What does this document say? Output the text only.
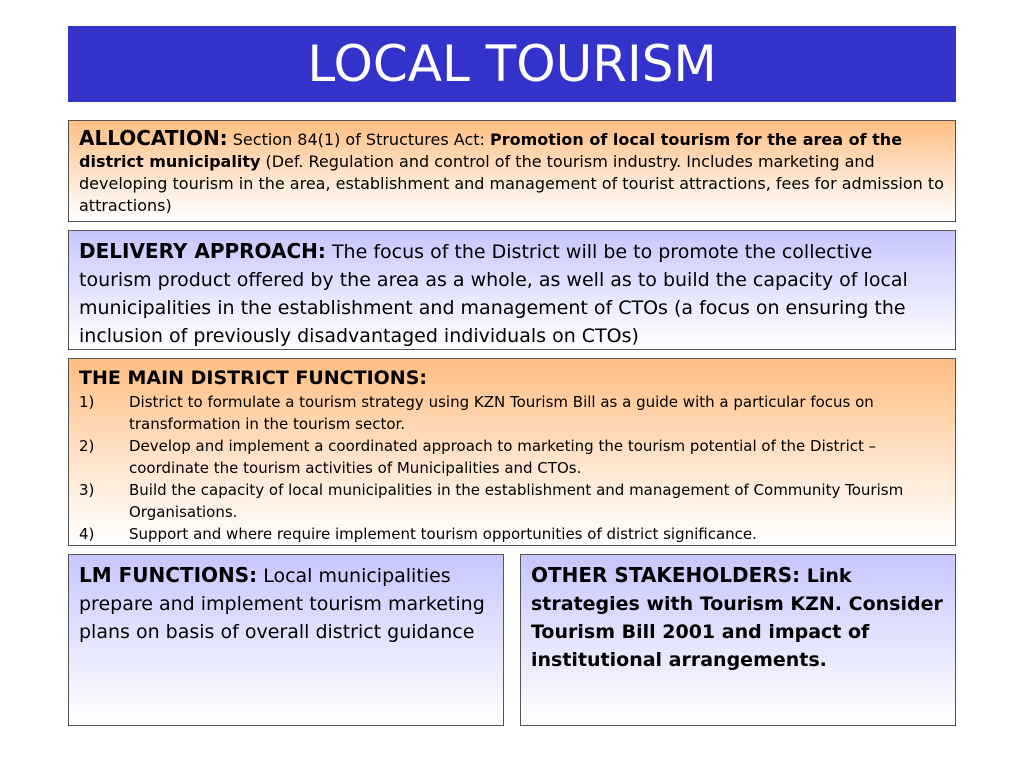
LOCAL TOURISM
ALLOCATION: Section 84(1) of Structures Act: Promotion of local tourism for the area of the district municipality (Def. Regulation and control of the tourism industry. Includes marketing and developing tourism in the area, establishment and management of tourist attractions, fees for admission to attractions)
DELIVERY APPROACH: The focus of the District will be to promote the collective tourism product offered by the area as a whole, as well as to build the capacity of local municipalities in the establishment and management of CTOs (a focus on ensuring the inclusion of previously disadvantaged individuals on CTOs)

THE MAIN DISTRICT FUNCTIONS:

1)	District to formulate a tourism strategy using KZN Tourism Bill as a guide with a particular focus on transformation in the tourism sector.
2)	Develop and implement a coordinated approach to marketing the tourism potential of the District – coordinate the tourism activities of Municipalities and CTOs.
3)	Build the capacity of local municipalities in the establishment and management of Community Tourism Organisations.
4)	Support and where require implement tourism opportunities of district significance.
LM FUNCTIONS: Local municipalities prepare and implement tourism marketing plans on basis of overall district guidance
OTHER STAKEHOLDERS: Link strategies with Tourism KZN. Consider Tourism Bill 2001 and impact of institutional arrangements.
